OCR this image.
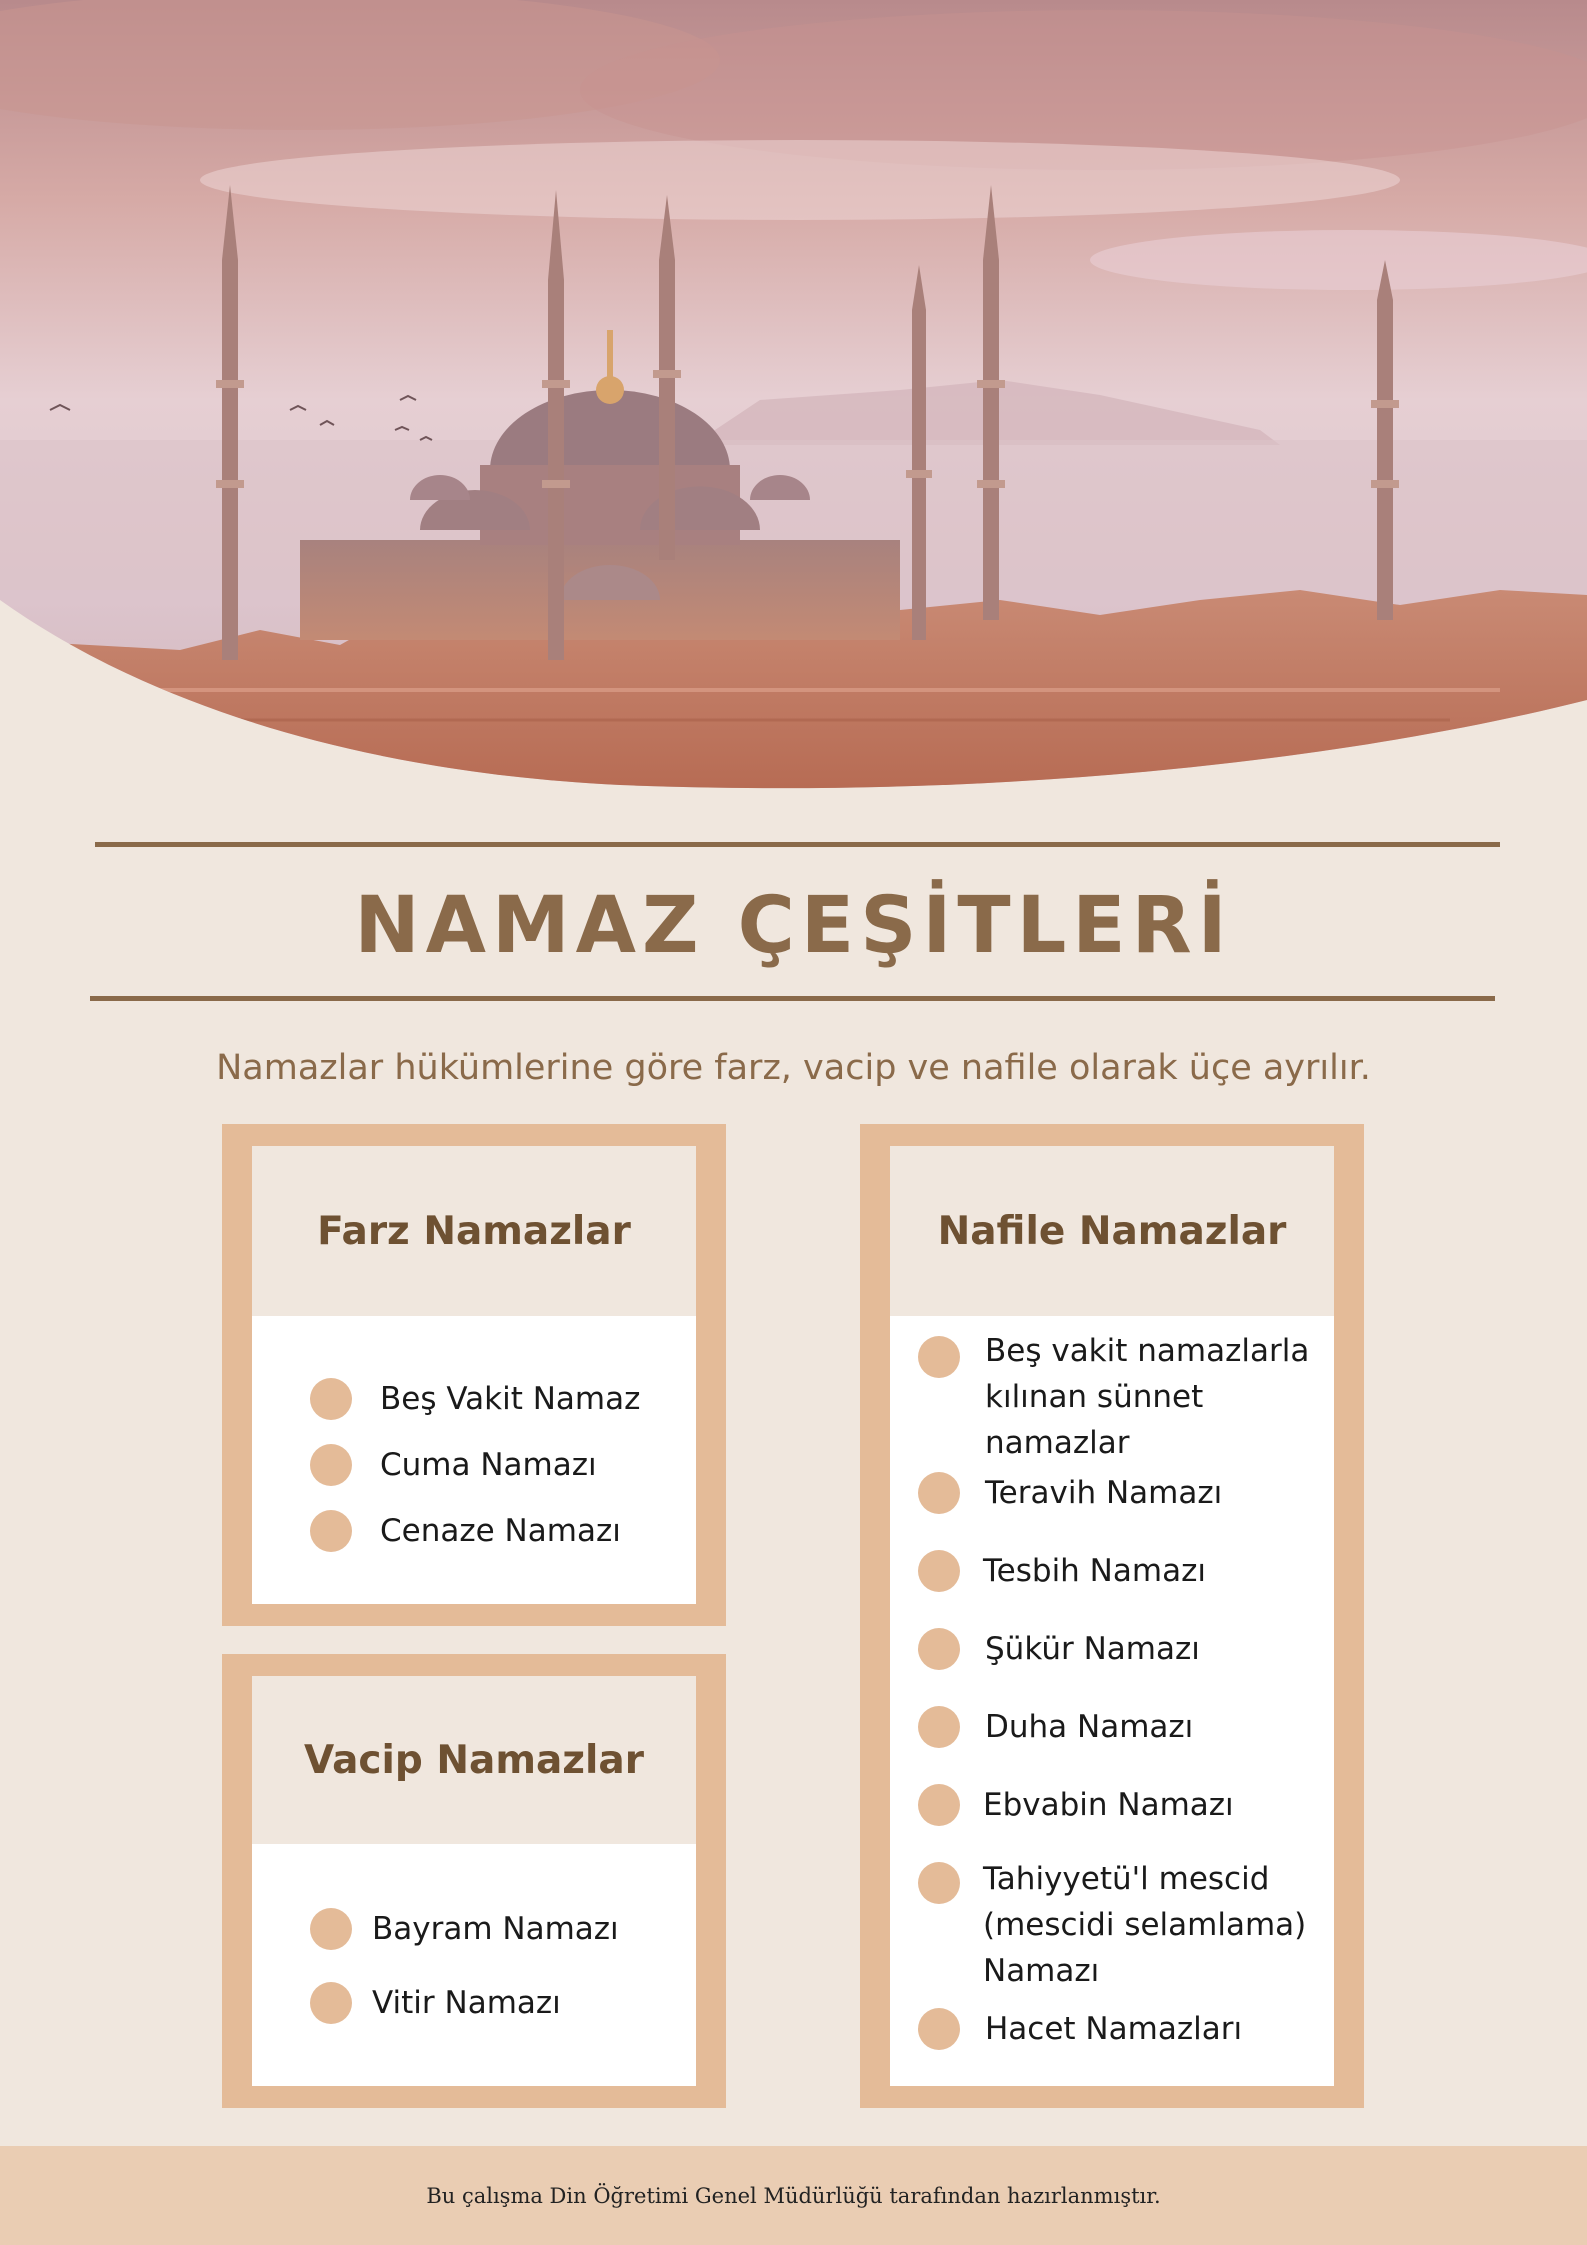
NAMAZ ÇEŞİTLERİ
Namazlar hükümlerine göre farz, vacip ve nafile olarak üçe ayrılır.
Farz Namazlar
Beş Vakit Namaz
Cuma Namazı
Cenaze Namazı
Vacip Namazlar
Bayram Namazı
Vitir Namazı
Nafile Namazlar
Beş vakit namazlarla kılınan sünnet namazlar
Teravih Namazı
Tesbih Namazı
Şükür Namazı
Duha Namazı
Ebvabin Namazı
Tahiyyetü'l mescid (mescidi selamlama) Namazı
Hacet Namazları
Bu çalışma Din Öğretimi Genel Müdürlüğü tarafından hazırlanmıştır.
